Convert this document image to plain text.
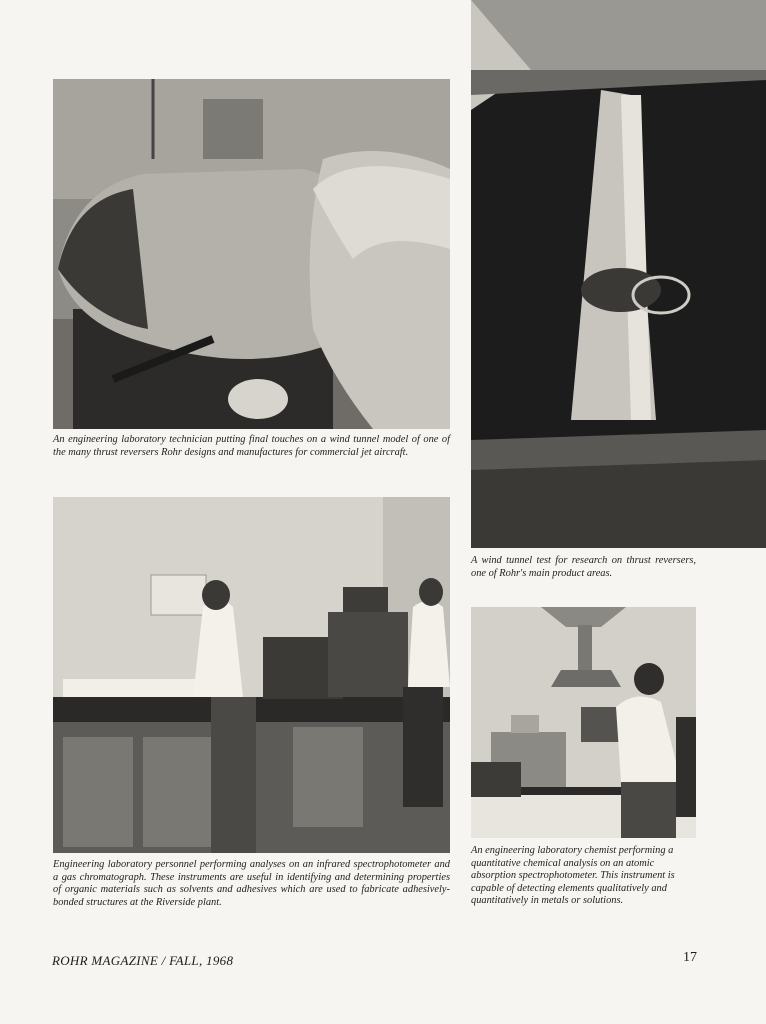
An engineering laboratory technician putting final touches on a wind tunnel model of one of the many thrust reversers Rohr designs and manufactures for commercial jet aircraft.
A wind tunnel test for research on thrust reversers, one of Rohr's main product areas.
Engineering laboratory personnel performing analyses on an infrared spectrophotometer and a gas chromatograph. These instruments are useful in identifying and determining properties of organic materials such as solvents and adhesives which are used to fabricate adhesively-bonded structures at the Riverside plant.
An engineering laboratory chemist performing a quantitative chemical analysis on an atomic absorption spectrophotometer. This instrument is capable of detecting elements qualitatively and quantitatively in metals or solutions.
ROHR MAGAZINE / FALL, 1968	17
